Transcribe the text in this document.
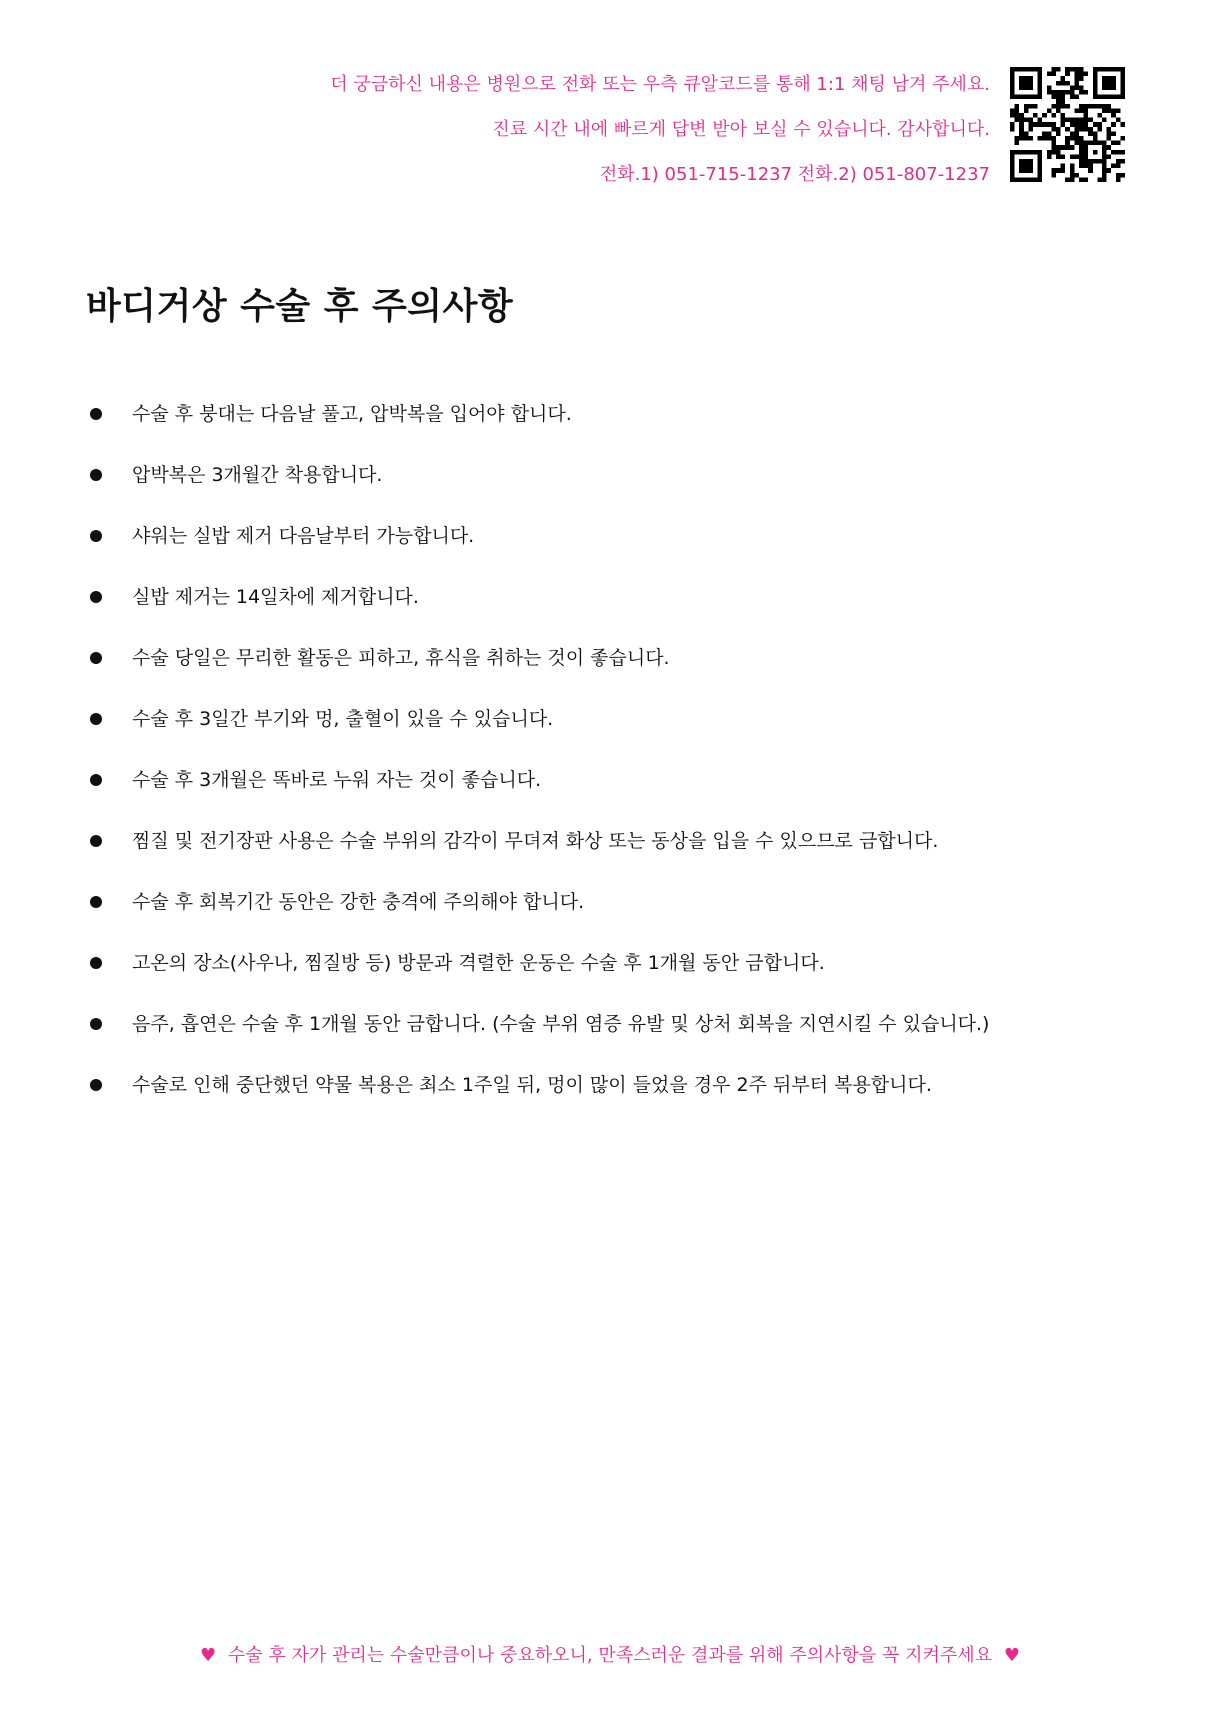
더 궁금하신 내용은 병원으로 전화 또는 우측 큐알코드를 통해 1:1 채팅 남겨 주세요.
진료 시간 내에 빠르게 답변 받아 보실 수 있습니다. 감사합니다.
전화.1) 051-715-1237 전화.2) 051-807-1237
바디거상 수술 후 주의사항
수술 후 붕대는 다음날 풀고, 압박복을 입어야 합니다.
압박복은 3개월간 착용합니다.
샤워는 실밥 제거 다음날부터 가능합니다.
실밥 제거는 14일차에 제거합니다.
수술 당일은 무리한 활동은 피하고, 휴식을 취하는 것이 좋습니다.
수술 후 3일간 부기와 멍, 출혈이 있을 수 있습니다.
수술 후 3개월은 똑바로 누워 자는 것이 좋습니다.
찜질 및 전기장판 사용은 수술 부위의 감각이 무뎌져 화상 또는 동상을 입을 수 있으므로 금합니다.
수술 후 회복기간 동안은 강한 충격에 주의해야 합니다.
고온의 장소(사우나, 찜질방 등) 방문과 격렬한 운동은 수술 후 1개월 동안 금합니다.
음주, 흡연은 수술 후 1개월 동안 금합니다. (수술 부위 염증 유발 및 상처 회복을 지연시킬 수 있습니다.)
수술로 인해 중단했던 약물 복용은 최소 1주일 뒤, 멍이 많이 들었을 경우 2주 뒤부터 복용합니다.
♥ 수술 후 자가 관리는 수술만큼이나 중요하오니, 만족스러운 결과를 위해 주의사항을 꼭 지켜주세요 ♥
